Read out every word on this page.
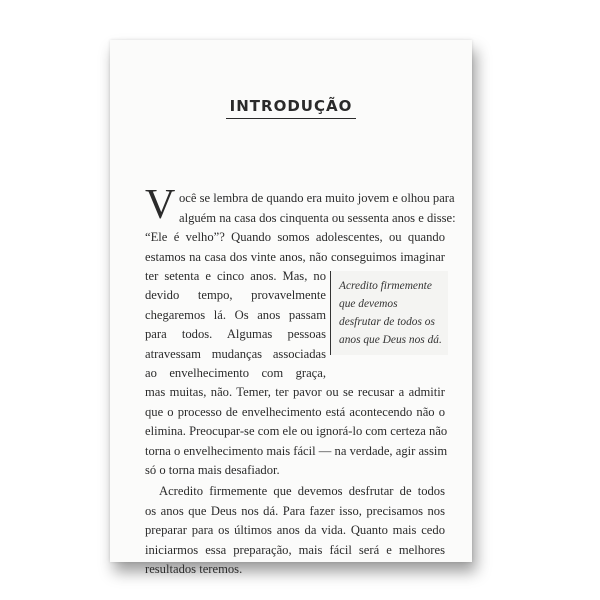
INTRODUÇÃO
V ocê se lembra de quando era muito jovem e olhou para
alguém na casa dos cinquenta ou sessenta anos e disse:
“Ele é velho”? Quando somos adolescentes, ou quando
estamos na casa dos vinte anos, não conseguimos imaginar
ter setenta e cinco anos. Mas, no
devido tempo, provavelmente
chegaremos lá. Os anos passam
para todos. Algumas pessoas
atravessam mudanças associadas
ao envelhecimento com graça,
Acredito firmemente
que devemos
desfrutar de todos os
anos que Deus nos dá.
mas muitas, não. Temer, ter pavor ou se recusar a admitir
que o processo de envelhecimento está acontecendo não o
elimina. Preocupar-se com ele ou ignorá-lo com certeza não
torna o envelhecimento mais fácil — na verdade, agir assim
só o torna mais desafiador.
Acredito firmemente que devemos desfrutar de todos
os anos que Deus nos dá. Para fazer isso, precisamos nos
preparar para os últimos anos da vida. Quanto mais cedo
iniciarmos essa preparação, mais fácil será e melhores
resultados teremos.
